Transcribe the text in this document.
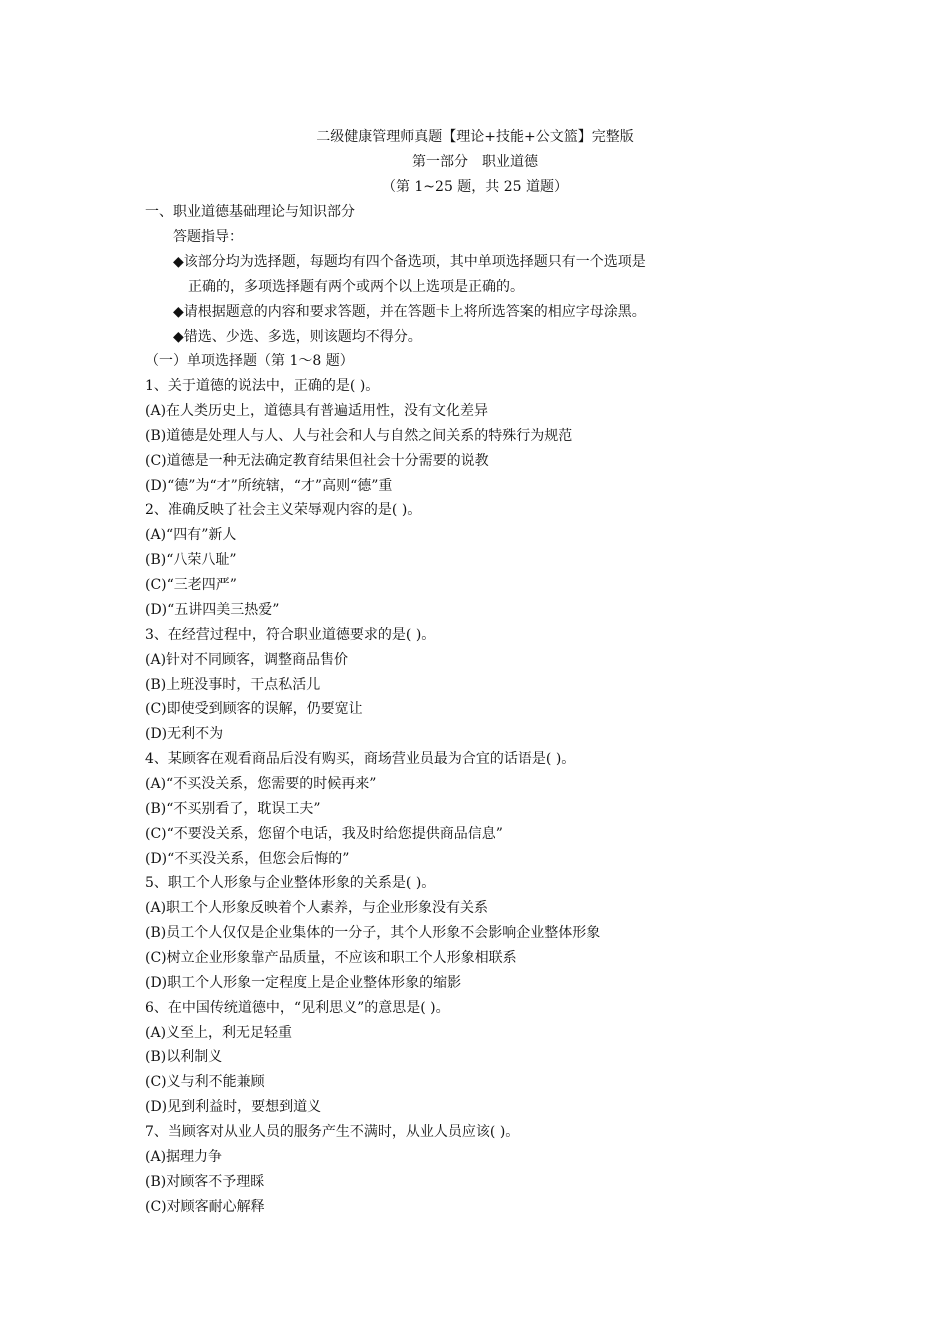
二级健康管理师真题【理论+技能+公文篮】完整版
第一部分　职业道德
（第 1~25 题，共 25 道题）
一、职业道德基础理论与知识部分
答题指导：
◆该部分均为选择题，每题均有四个备选项，其中单项选择题只有一个选项是
正确的，多项选择题有两个或两个以上选项是正确的。
◆请根据题意的内容和要求答题，并在答题卡上将所选答案的相应字母涂黑。
◆错选、少选、多选，则该题均不得分。
（一）单项选择题（第 1～8 题）
1、关于道德的说法中，正确的是( )。
(A)在人类历史上，道德具有普遍适用性，没有文化差异
(B)道德是处理人与人、人与社会和人与自然之间关系的特殊行为规范
(C)道德是一种无法确定教育结果但社会十分需要的说教
(D)“德”为“才”所统辖，“才”高则“德”重
2、准确反映了社会主义荣辱观内容的是( )。
(A)“四有”新人
(B)“八荣八耻”
(C)“三老四严”
(D)“五讲四美三热爱”
3、在经营过程中，符合职业道德要求的是( )。
(A)针对不同顾客，调整商品售价
(B)上班没事时，干点私活儿
(C)即使受到顾客的误解，仍要宽让
(D)无利不为
4、某顾客在观看商品后没有购买，商场营业员最为合宜的话语是( )。
(A)“不买没关系，您需要的时候再来”
(B)“不买别看了，耽误工夫”
(C)“不要没关系，您留个电话，我及时给您提供商品信息”
(D)“不买没关系，但您会后悔的”
5、职工个人形象与企业整体形象的关系是( )。
(A)职工个人形象反映着个人素养，与企业形象没有关系
(B)员工个人仅仅是企业集体的一分子，其个人形象不会影响企业整体形象
(C)树立企业形象靠产品质量，不应该和职工个人形象相联系
(D)职工个人形象一定程度上是企业整体形象的缩影
6、在中国传统道德中，“见利思义”的意思是( )。
(A)义至上，利无足轻重
(B)以利制义
(C)义与利不能兼顾
(D)见到利益时，要想到道义
7、当顾客对从业人员的服务产生不满时，从业人员应该( )。
(A)据理力争
(B)对顾客不予理睬
(C)对顾客耐心解释
